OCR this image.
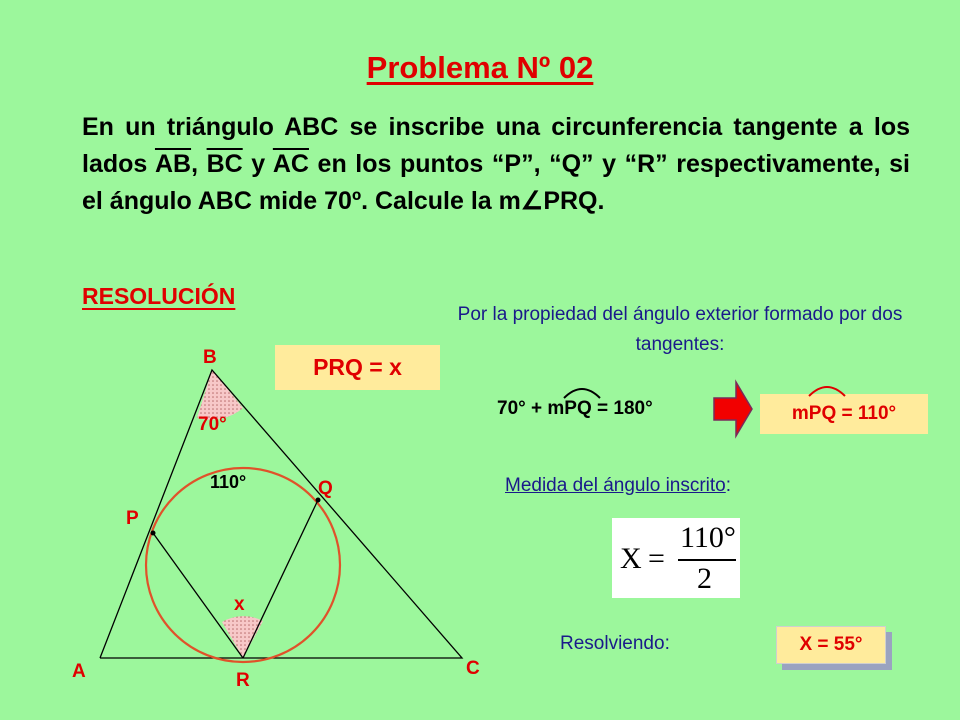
Problema Nº 02
En un triángulo ABC se inscribe una circunferencia tangente a los lados $\overline{AB}$, $\overline{BC}$ y $\overline{AC}$ en los puntos “P”, “Q” y “R” respectivamente, si el ángulo ABC mide 70º. Calcule la m∠PRQ.
RESOLUCIÓN
B
A	C
P
Q
R
70°
x
110°
PRQ = x
Por la propiedad del ángulo exterior formado por dos tangentes:
70° + m
PQ = 180°	m
PQ = 110°
Medida del ángulo inscrito:
X =
110°
2
Resolviendo:	X = 55°
